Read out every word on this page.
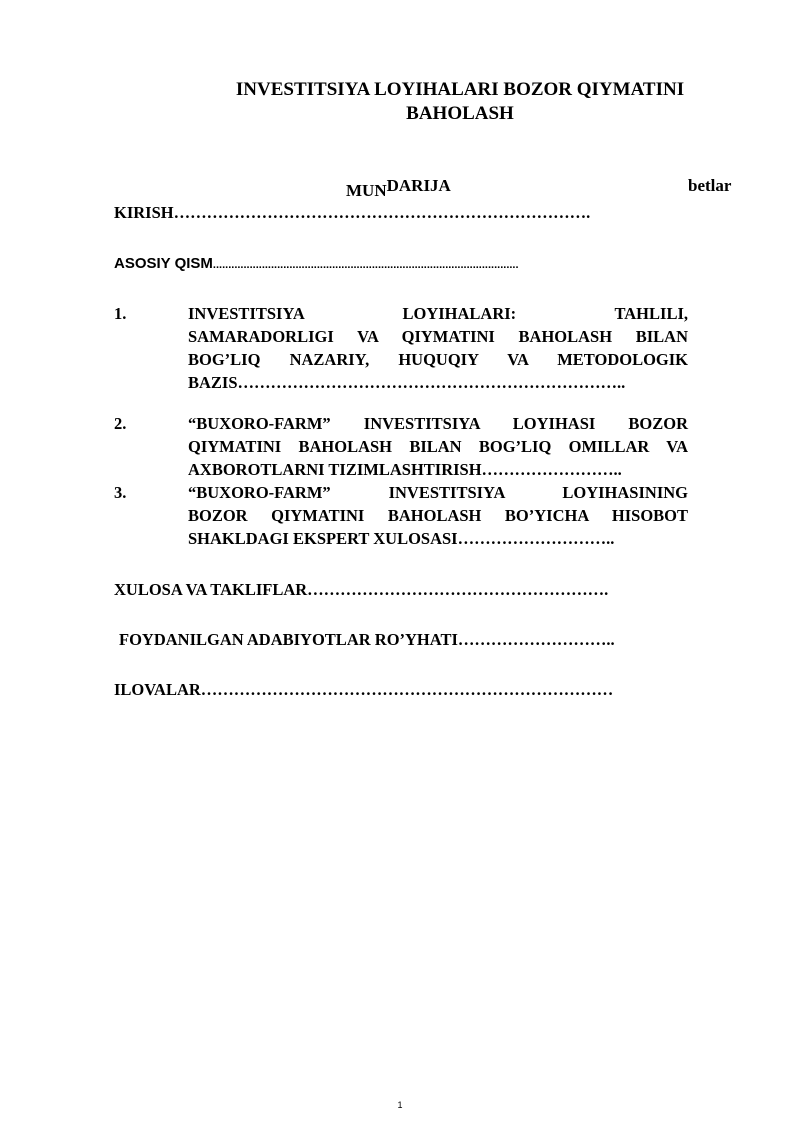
INVESTITSIYA LOYIHALARI BOZOR QIYMATINI
BAHOLASH
MUNDARIJA	betlar
KIRISH………………………………………………………………….
ASOSIY QISM....................................................................................................
1.	INVESTITSIYA LOYIHALARI: TAHLILI,
SAMARADORLIGI VA QIYMATINI BAHOLASH BILAN
BOG’LIQ NAZARIY, HUQUQIY VA METODOLOGIK
BAZIS……………………………………………………………..
2.	“BUXORO-FARM” INVESTITSIYA LOYIHASI BOZOR
QIYMATINI BAHOLASH BILAN BOG’LIQ OMILLAR VA
AXBOROTLARNI TIZIMLASHTIRISH……………………..
3.	“BUXORO-FARM” INVESTITSIYA LOYIHASINING
BOZOR QIYMATINI BAHOLASH BO’YICHA HISOBOT
SHAKLDAGI EKSPERT XULOSASI………………………..
XULOSA VA TAKLIFLAR……………………………………………….
FOYDANILGAN ADABIYOTLAR RO’YHATI………………………..
ILOVALAR…………………………………………………………………
1
